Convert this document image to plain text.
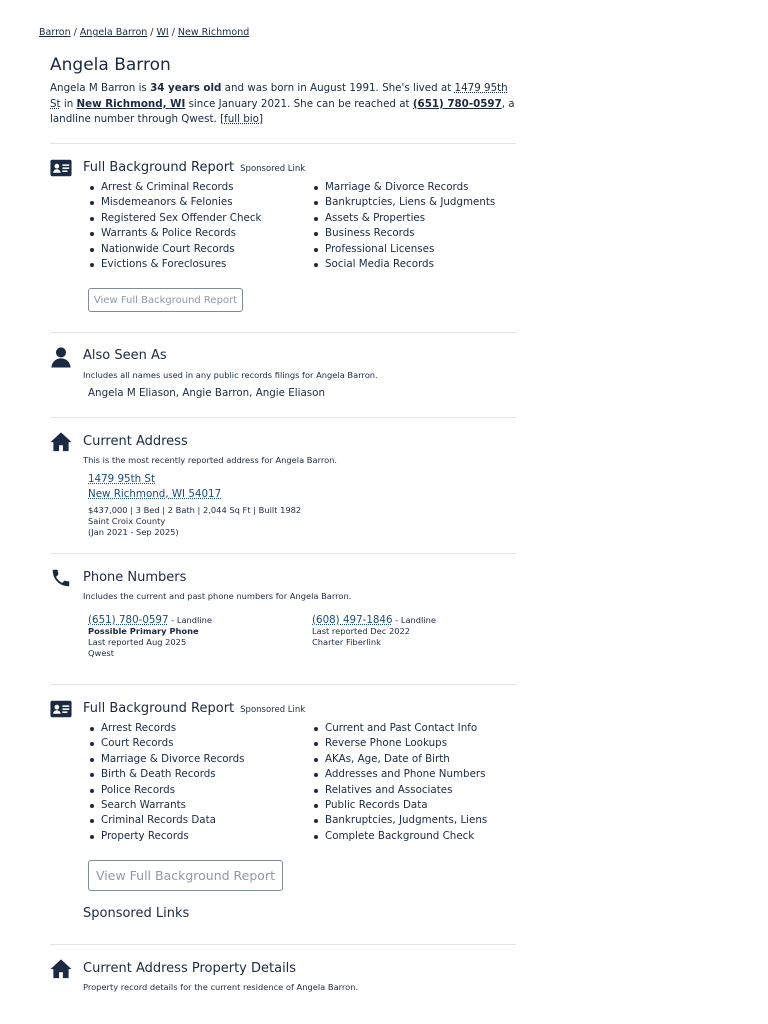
Barron / Angela Barron / WI / New Richmond
Angela Barron

Angela M Barron is 34 years old and was born in August 1991. She's lived at 1479 95th St in New Richmond, WI since January 2021. She can be reached at (651) 780-0597, a landline number through Qwest. [full bio]

Full Background Report Sponsored Link
Arrest & Criminal Records
Misdemeanors & Felonies
Registered Sex Offender Check
Warrants & Police Records
Nationwide Court Records
Evictions & Foreclosures
Marriage & Divorce Records
Bankruptcies, Liens & Judgments
Assets & Properties
Business Records
Professional Licenses
Social Media Records
View Full Background Report
Also Seen As
Includes all names used in any public records filings for Angela Barron.
Angela M Eliason, Angie Barron, Angie Eliason
Current Address
This is the most recently reported address for Angela Barron.
1479 95th St
New Richmond, WI 54017
$437,000 | 3 Bed | 2 Bath | 2,044 Sq Ft | Built 1982
Saint Croix County
(Jan 2021 - Sep 2025)
Phone Numbers
Includes the current and past phone numbers for Angela Barron.
(651) 780-0597 - Landline
Possible Primary Phone
Last reported Aug 2025
Qwest
(608) 497-1846 - Landline
Last reported Dec 2022
Charter Fiberlink
Full Background Report Sponsored Link
Arrest Records
Court Records
Marriage & Divorce Records
Birth & Death Records
Police Records
Search Warrants
Criminal Records Data
Property Records
Current and Past Contact Info
Reverse Phone Lookups
AKAs, Age, Date of Birth
Addresses and Phone Numbers
Relatives and Associates
Public Records Data
Bankruptcies, Judgments, Liens
Complete Background Check
View Full Background Report
Sponsored Links
Current Address Property Details
Property record details for the current residence of Angela Barron.
